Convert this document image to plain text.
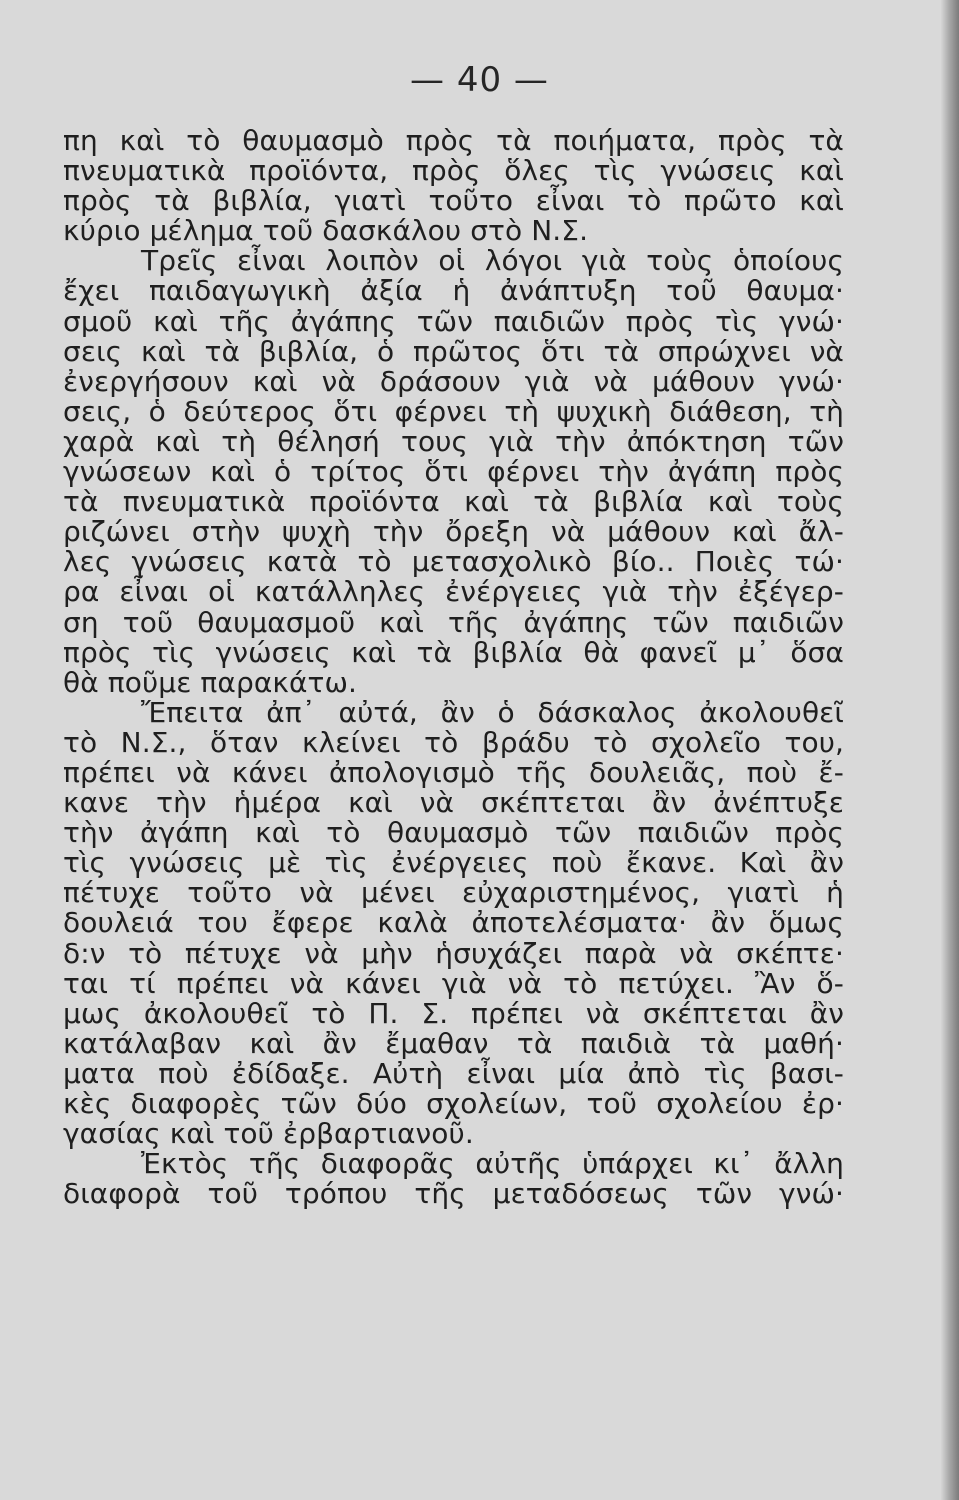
— 40 —
πη καὶ τὸ θαυμασμὸ πρὸς τὰ ποιήματα, πρὸς τὰ
πνευματικὰ προϊόντα, πρὸς ὅλες τὶς γνώσεις καὶ
πρὸς τὰ βιβλία, γιατὶ τοῦτο εἶναι τὸ πρῶτο καὶ
κύριο μέλημα τοῦ δασκάλου στὸ Ν.Σ.
Τρεῖς εἶναι λοιπὸν οἱ λόγοι γιὰ τοὺς ὁποίους
ἔχει παιδαγωγικὴ ἀξία ἡ ἀνάπτυξη τοῦ θαυμα·
σμοῦ καὶ τῆς ἀγάπης τῶν παιδιῶν πρὸς τὶς γνώ·
σεις καὶ τὰ βιβλία, ὁ πρῶτος ὅτι τὰ σπρώχνει νὰ
ἐνεργήσουν καὶ νὰ δράσουν γιὰ νὰ μάθουν γνώ·
σεις, ὁ δεύτερος ὅτι φέρνει τὴ ψυχικὴ διάθεση, τὴ
χαρὰ καὶ τὴ θέλησή τους γιὰ τὴν ἀπόκτηση τῶν
γνώσεων καὶ ὁ τρίτος ὅτι φέρνει τὴν ἀγάπη πρὸς
τὰ πνευματικὰ προϊόντα καὶ τὰ βιβλία καὶ τοὺς
ριζώνει στὴν ψυχὴ τὴν ὄρεξη νὰ μάθουν καὶ ἄλ-
λες γνώσεις κατὰ τὸ μετασχολικὸ βίο.. Ποιὲς τώ·
ρα εἶναι οἱ κατάλληλες ἐνέργειες γιὰ τὴν ἐξέγερ-
ση τοῦ θαυμασμοῦ καὶ τῆς ἀγάπης τῶν παιδιῶν
πρὸς τὶς γνώσεις καὶ τὰ βιβλία θὰ φανεῖ μ᾿ ὅσα
θὰ ποῦμε παρακάτω.
Ἔπειτα ἀπ᾿ αὐτά, ἂν ὁ δάσκαλος ἀκολουθεῖ
τὸ Ν.Σ., ὅταν κλείνει τὸ βράδυ τὸ σχολεῖο του,
πρέπει νὰ κάνει ἀπολογισμὸ τῆς δουλειᾶς, ποὺ ἔ-
κανε τὴν ἡμέρα καὶ νὰ σκέπτεται ἂν ἀνέπτυξε
τὴν ἀγάπη καὶ τὸ θαυμασμὸ τῶν παιδιῶν πρὸς
τὶς γνώσεις μὲ τὶς ἐνέργειες ποὺ ἔκανε. Καὶ ἂν
πέτυχε τοῦτο νὰ μένει εὐχαριστημένος, γιατὶ ἡ
δουλειά του ἔφερε καλὰ ἀποτελέσματα· ἂν ὅμως
δ:ν τὸ πέτυχε νὰ μὴν ἡσυχάζει παρὰ νὰ σκέπτε·
ται τί πρέπει νὰ κάνει γιὰ νὰ τὸ πετύχει. Ἂν ὅ-
μως ἀκολουθεῖ τὸ Π. Σ. πρέπει νὰ σκέπτεται ἂν
κατάλαβαν καὶ ἂν ἔμαθαν τὰ παιδιὰ τὰ μαθή·
ματα ποὺ ἐδίδαξε. Αὐτὴ εἶναι μία ἀπὸ τὶς βασι-
κὲς διαφορὲς τῶν δύο σχολείων, τοῦ σχολείου ἐρ·
γασίας καὶ τοῦ ἐρβαρτιανοῦ.
Ἐκτὸς τῆς διαφορᾶς αὐτῆς ὑπάρχει κι᾿ ἄλλη
διαφορὰ τοῦ τρόπου τῆς μεταδόσεως τῶν γνώ·
